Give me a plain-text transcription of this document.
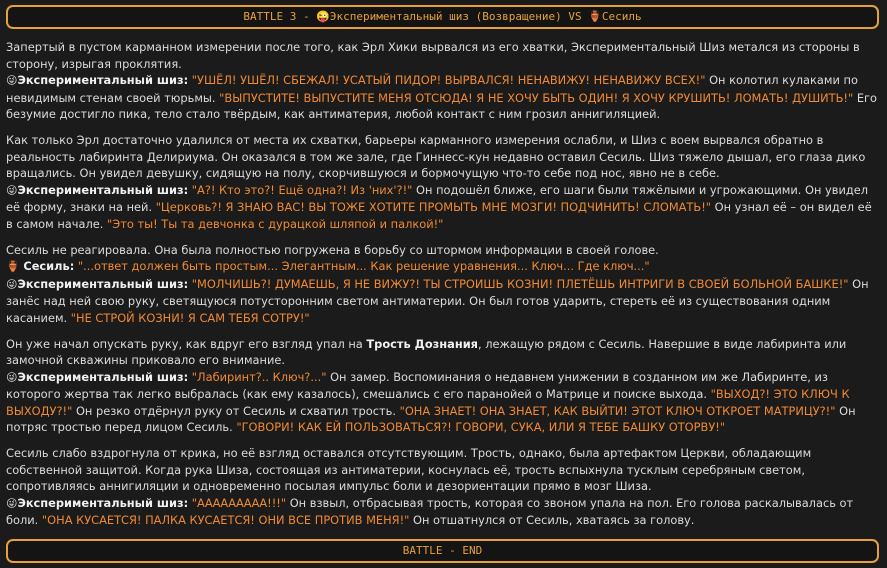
BATTLE 3 - 😜Экспериментальный шиз (Возвращение) VS 🏺Сесиль

Запертый в пустом карманном измерении после того, как Эрл Хики вырвался из его хватки, Экспериментальный Шиз метался из стороны в сторону, изрыгая проклятия.
😜Экспериментальный шиз: "УШЁЛ! УШЁЛ! СБЕЖАЛ! УСАТЫЙ ПИДОР! ВЫРВАЛСЯ! НЕНАВИЖУ! НЕНАВИЖУ ВСЕХ!" Он колотил кулаками по невидимым стенам своей тюрьмы. "ВЫПУСТИТЕ! ВЫПУСТИТЕ МЕНЯ ОТСЮДА! Я НЕ ХОЧУ БЫТЬ ОДИН! Я ХОЧУ КРУШИТЬ! ЛОМАТЬ! ДУШИТЬ!" Его безумие достигло пика, тело стало твёрдым, как антиматерия, любой контакт с ним грозил аннигиляцией.

Как только Эрл достаточно удалился от места их схватки, барьеры карманного измерения ослабли, и Шиз с воем вырвался обратно в реальность лабиринта Делириума. Он оказался в том же зале, где Гиннесс-кун недавно оставил Сесиль. Шиз тяжело дышал, его глаза дико вращались. Он увидел девушку, сидящую на полу, скорчившуюся и бормочущую что-то себе под нос, явно не в себе.
😜Экспериментальный шиз: "А?! Кто это?! Ещё одна?! Из 'них'?!" Он подошёл ближе, его шаги были тяжёлыми и угрожающими. Он увидел её форму, знаки на ней. "Церковь?! Я ЗНАЮ ВАС! ВЫ ТОЖЕ ХОТИТЕ ПРОМЫТЬ МНЕ МОЗГИ! ПОДЧИНИТЬ! СЛОМАТЬ!" Он узнал её – он видел её в самом начале. "Это ты! Ты та девчонка с дурацкой шляпой и палкой!"

Сесиль не реагировала. Она была полностью погружена в борьбу со штормом информации в своей голове.
🏺 Сесиль: "...ответ должен быть простым... Элегантным... Как решение уравнения... Ключ... Где ключ..."
😜Экспериментальный шиз: "МОЛЧИШЬ?! ДУМАЕШЬ, Я НЕ ВИЖУ?! ТЫ СТРОИШЬ КОЗНИ! ПЛЕТЁШЬ ИНТРИГИ В СВОЕЙ БОЛЬНОЙ БАШКЕ!" Он занёс над ней свою руку, светящуюся потусторонним светом антиматерии. Он был готов ударить, стереть её из существования одним касанием. "НЕ СТРОЙ КОЗНИ! Я САМ ТЕБЯ СОТРУ!"

Он уже начал опускать руку, как вдруг его взгляд упал на Трость Дознания, лежащую рядом с Сесиль. Навершие в виде лабиринта или замочной скважины приковало его внимание.
😜Экспериментальный шиз: "Лабиринт?.. Ключ?..." Он замер. Воспоминания о недавнем унижении в созданном им же Лабиринте, из которого жертва так легко выбралась (как ему казалось), смешались с его паранойей о Матрице и поиске выхода. "ВЫХОД?! ЭТО КЛЮЧ К ВЫХОДУ?!" Он резко отдёрнул руку от Сесиль и схватил трость. "ОНА ЗНАЕТ! ОНА ЗНАЕТ, КАК ВЫЙТИ! ЭТОТ КЛЮЧ ОТКРОЕТ МАТРИЦУ?!" Он потряс тростью перед лицом Сесиль. "ГОВОРИ! КАК ЕЙ ПОЛЬЗОВАТЬСЯ?! ГОВОРИ, СУКА, ИЛИ Я ТЕБЕ БАШКУ ОТОРВУ!"

Сесиль слабо вздрогнула от крика, но её взгляд оставался отсутствующим. Трость, однако, была артефактом Церкви, обладающим собственной защитой. Когда рука Шиза, состоящая из антиматерии, коснулась её, трость вспыхнула тусклым серебряным светом, сопротивляясь аннигиляции и одновременно посылая импульс боли и дезориентации прямо в мозг Шиза.
😜Экспериментальный шиз: "ААААААААА!!!" Он взвыл, отбрасывая трость, которая со звоном упала на пол. Его голова раскалывалась от боли. "ОНА КУСАЕТСЯ! ПАЛКА КУСАЕТСЯ! ОНИ ВСЕ ПРОТИВ МЕНЯ!" Он отшатнулся от Сесиль, хватаясь за голову.

BATTLE - END
